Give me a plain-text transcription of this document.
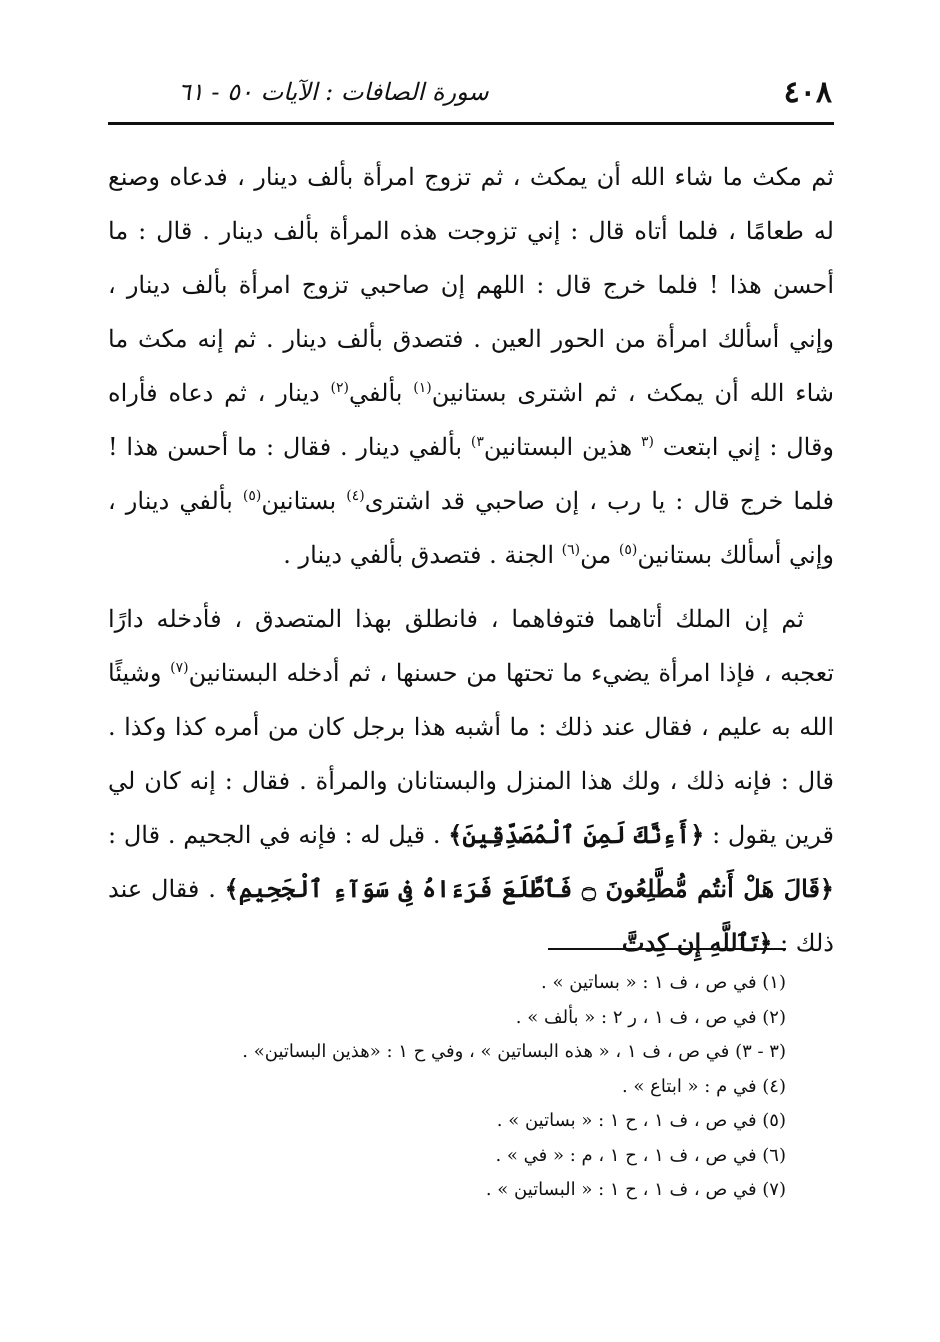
٤٠٨
سورة الصافات : الآيات ٥٠ - ٦١

ثم مكث ما شاء الله أن يمكث ، ثم تزوج امرأة بألف دينار ، فدعاه وصنع له طعامًا ، فلما أتاه قال : إني تزوجت هذه المرأة بألف دينار . قال : ما أحسن هذا ! فلما خرج قال : اللهم إن صاحبي تزوج امرأة بألف دينار ، وإني أسألك امرأة من الحور العين . فتصدق بألف دينار . ثم إنه مكث ما شاء الله أن يمكث ، ثم اشترى بستانين$^{(١)}$ بألفي$^{(٢)}$ دينار ، ثم دعاه فأراه وقال : إني ابتعت $^{(٣}$ هذين البستانين$^{٣)}$ بألفي دينار . فقال : ما أحسن هذا ! فلما خرج قال : يا رب ، إن صاحبي قد اشترى$^{(٤)}$ بستانين$^{(٥)}$ بألفي دينار ، وإني أسألك بستانين$^{(٥)}$ من$^{(٦)}$ الجنة . فتصدق بألفي دينار .

ثم إن الملك أتاهما فتوفاهما ، فانطلق بهذا المتصدق ، فأدخله دارًا تعجبه ، فإذا امرأة يضيء ما تحتها من حسنها ، ثم أدخله البستانين$^{(٧)}$ وشيئًا الله به عليم ، فقال عند ذلك : ما أشبه هذا برجل كان من أمره كذا وكذا . قال : فإنه ذلك ، ولك هذا المنزل والبستانان والمرأة . فقال : إنه كان لي قرين يقول : ﴿أَءِنَّكَ لَمِنَ ٱلْمُصَدِّقِينَ﴾ . قيل له : فإنه في الجحيم . قال : ﴿قَالَ هَلْ أَنتُم مُّطَّلِعُونَ ۝ فَٱطَّلَعَ فَرَءَاهُ فِى سَوَآءِ ٱلْجَحِيمِ﴾ . فقال عند ذلك : ﴿تَٱللَّهِ إِن كِدتَّ

(١) في ص ، ف ١ : « بساتين » .
(٢) في ص ، ف ١ ، ر ٢ : « بألف » .
(٣ - ٣) في ص ، ف ١ ، « هذه البساتين » ، وفي ح ١ : «هذين البساتين» .
(٤) في م : « ابتاع » .
(٥) في ص ، ف ١ ، ح ١ : « بساتين » .
(٦) في ص ، ف ١ ، ح ١ ، م : « في » .
(٧) في ص ، ف ١ ، ح ١ : « البساتين » .
